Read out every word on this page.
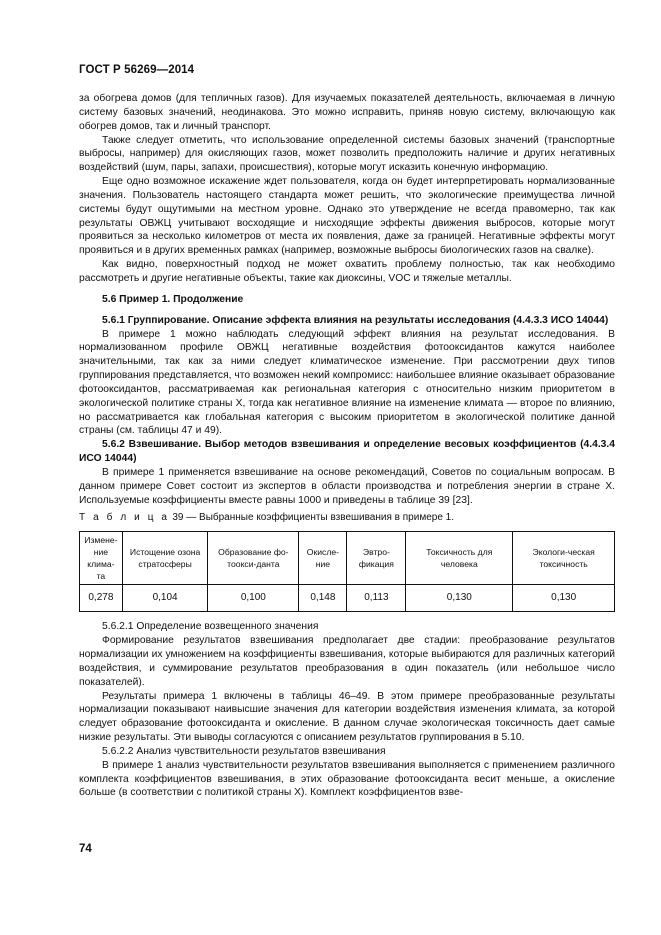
ГОСТ Р 56269—2014

за обогрева домов (для тепличных газов). Для изучаемых показателей деятельность, включаемая в личную систему базовых значений, неодинакова. Это можно исправить, приняв новую систему, включающую как обогрев домов, так и личный транспорт.

Также следует отметить, что использование определенной системы базовых значений (транспортные выбросы, например) для окисляющих газов, может позволить предположить наличие и других негативных воздействий (шум, пары, запахи, происшествия), которые могут исказить конечную информацию.

Еще одно возможное искажение ждет пользователя, когда он будет интерпретировать нормализованные значения. Пользователь настоящего стандарта может решить, что экологические преимущества личной системы будут ощутимыми на местном уровне. Однако это утверждение не всегда правомерно, так как результаты ОВЖЦ учитывают восходящие и нисходящие эффекты движения выбросов, которые могут проявиться за несколько километров от места их появления, даже за границей. Негативные эффекты могут проявиться и в других временных рамках (например, возможные выбросы биологических газов на свалке).

Как видно, поверхностный подход не может охватить проблему полностью, так как необходимо рассмотреть и другие негативные объекты, такие как диоксины, VOC и тяжелые металлы.

5.6 Пример 1. Продолжение

5.6.1 Группирование. Описание эффекта влияния на результаты исследования (4.4.3.3 ИСО 14044)

В примере 1 можно наблюдать следующий эффект влияния на результат исследования. В нормализованном профиле ОВЖЦ негативные воздействия фотооксидантов кажутся наиболее значительными, так как за ними следует климатическое изменение. При рассмотрении двух типов группирования представляется, что возможен некий компромисс: наибольшее влияние оказывает образование фотооксидантов, рассматриваемая как региональная категория с относительно низким приоритетом в экологической политике страны X, тогда как негативное влияние на изменение климата — второе по влиянию, но рассматривается как глобальная категория с высоким приоритетом в экологической политике данной страны (см. таблицы 47 и 49).

5.6.2 Взвешивание. Выбор методов взвешивания и определение весовых коэффициентов (4.4.3.4 ИСО 14044)

В примере 1 применяется взвешивание на основе рекомендаций, Советов по социальным вопросам. В данном примере Совет состоит из экспертов в области производства и потребления энергии в стране X. Используемые коэффициенты вместе равны 1000 и приведены в таблице 39 [23].

Т а б л и ц а 39 — Выбранные коэффициенты взвешивания в примере 1.

Измене-ние клима-та	Истощение озона стратосферы	Образование фо-тоокси-данта	Окисле-ние	Эвтро-фикация	Токсичность для человека	Экологи-ческая токсичность
0,278	0,104	0,100	0,148	0,113	0,130	0,130

5.6.2.1 Определение возвещенного значения

Формирование результатов взвешивания предполагает две стадии: преобразование результатов нормализации их умножением на коэффициенты взвешивания, которые выбираются для различных категорий воздействия, и суммирование результатов преобразования в один показатель (или небольшое число показателей).

Результаты примера 1 включены в таблицы 46–49. В этом примере преобразованные результаты нормализации показывают наивысшие значения для категории воздействия изменения климата, за которой следует образование фотооксиданта и окисление. В данном случае экологическая токсичность дает самые низкие результаты. Эти выводы согласуются с описанием результатов группирования в 5.10.

5.6.2.2 Анализ чувствительности результатов взвешивания

В примере 1 анализ чувствительности результатов взвешивания выполняется с применением различного комплекта коэффициентов взвешивания, в этих образование фотооксиданта весит меньше, а окисление больше (в соответствии с политикой страны X). Комплект коэффициентов взве-

74
